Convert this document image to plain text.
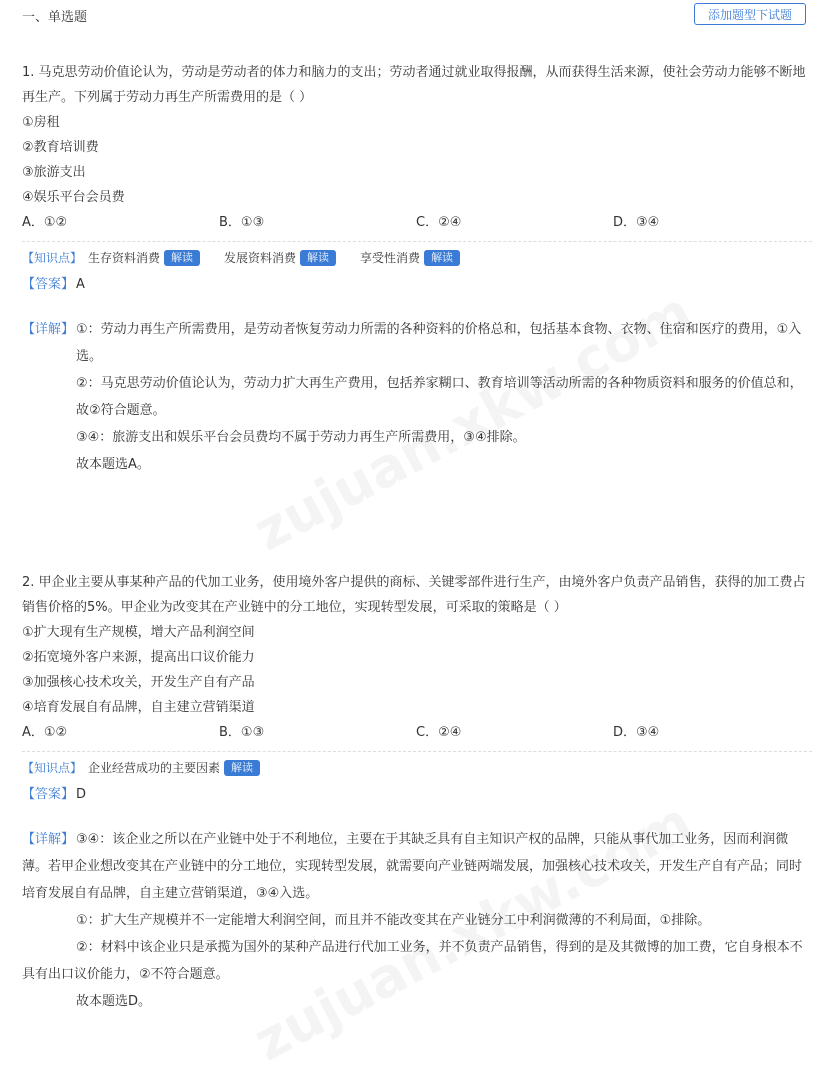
一、单选题	添加题型下试题
1. 马克思劳动价值论认为，劳动是劳动者的体力和脑力的支出；劳动者通过就业取得报酬，从而获得生活来源，使社会劳动力能够不断地再生产。下列属于劳动力再生产所需费用的是（ ）
①房租
②教育培训费
③旅游支出
④娱乐平台会员费
A．①②	B．①③	C．②④	D．③④
【知识点】 生存资料消费	解读	发展资料消费	解读	享受性消费	解读
【答案】 A
【详解】 ①：劳动力再生产所需费用，是劳动者恢复劳动力所需的各种资料的价格总和，包括基本食物、衣物、住宿和医疗的费用，①入选。
②：马克思劳动价值论认为，劳动力扩大再生产费用，包括养家糊口、教育培训等活动所需的各种物质资料和服务的价值总和，故②符合题意。
③④：旅游支出和娱乐平台会员费均不属于劳动力再生产所需费用，③④排除。
故本题选A。
2. 甲企业主要从事某种产品的代加工业务，使用境外客户提供的商标、关键零部件进行生产，由境外客户负责产品销售，获得的加工费占销售价格的5%。甲企业为改变其在产业链中的分工地位，实现转型发展，可采取的策略是（ ）
①扩大现有生产规模，增大产品利润空间
②拓宽境外客户来源，提高出口议价能力
③加强核心技术攻关，开发生产自有产品
④培育发展自有品牌，自主建立营销渠道
A．①②	B．①③	C．②④	D．③④
【知识点】 企业经营成功的主要因素	解读
【答案】 D
【详解】 ③④：该企业之所以在产业链中处于不利地位，主要在于其缺乏具有自主知识产权的品牌，只能从事代加工业务，因而利润微薄。若甲企业想改变其在产业链中的分工地位，实现转型发展，就需要向产业链两端发展，加强核心技术攻关，开发生产自有产品；同时培育发展自有品牌，自主建立营销渠道，③④入选。
①：扩大生产规模并不一定能增大利润空间，而且并不能改变其在产业链分工中利润微薄的不利局面，①排除。
②：材料中该企业只是承揽为国外的某种产品进行代加工业务，并不负责产品销售，得到的是及其微博的加工费，它自身根本不具有出口议价能力，②不符合题意。
故本题选D。
